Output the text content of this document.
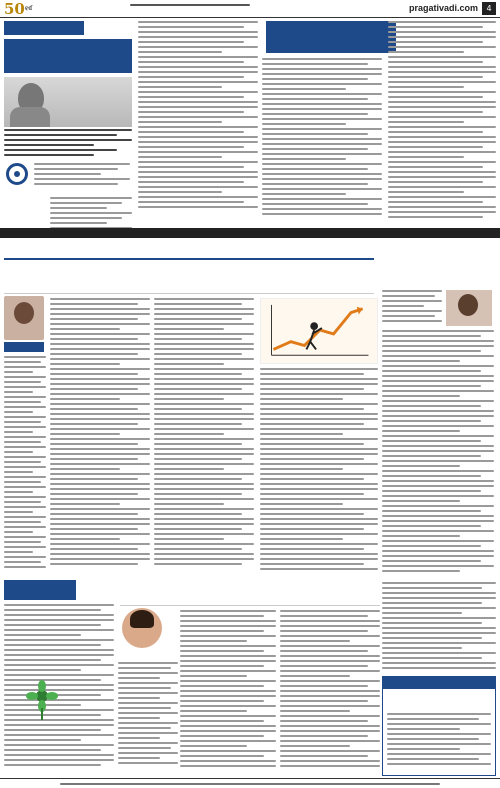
$50^{ବର୍ଷ}$	pragativadi.com	4
